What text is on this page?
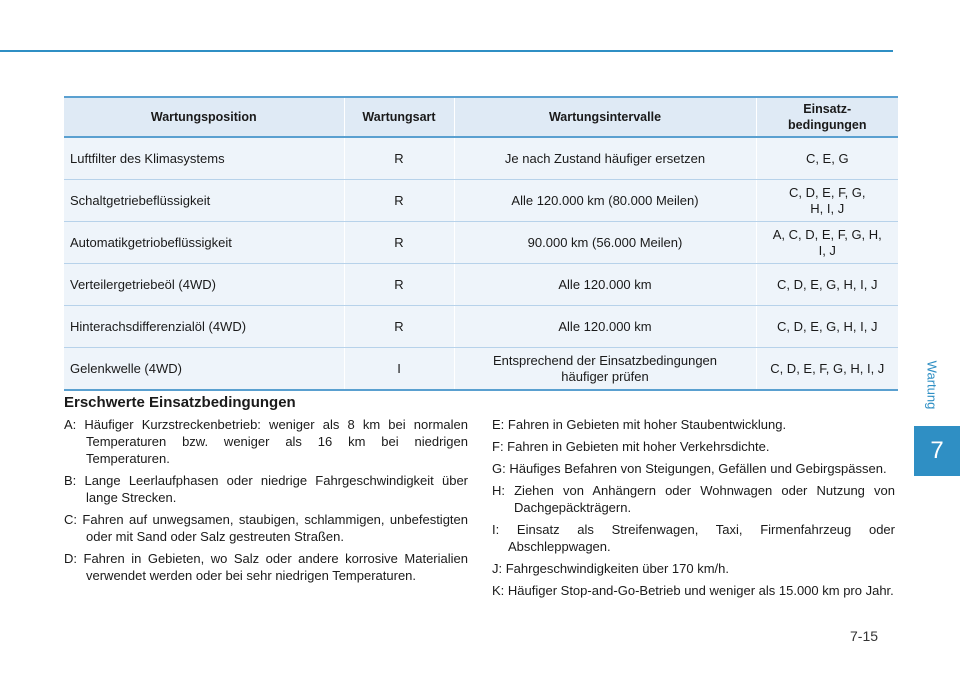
Wartungsposition	Wartungsart	Wartungsintervalle	Einsatz-
bedingungen
Luftfilter des Klimasystems	R	Je nach Zustand häufiger ersetzen	C, E, G
Schaltgetriebeflüssigkeit	R	Alle 120.000 km (80.000 Meilen)	C, D, E, F, G,
H, I, J
Automatikgetriobeflüssigkeit	R	90.000 km (56.000 Meilen)	A, C, D, E, F, G, H,
I, J
Verteilergetriebeöl (4WD)	R	Alle 120.000 km	C, D, E, G, H, I, J
Hinterachsdifferenzialöl (4WD)	R	Alle 120.000 km	C, D, E, G, H, I, J
Gelenkwelle (4WD)	I	Entsprechend der Einsatzbedingungen
häufiger prüfen	C, D, E, F, G, H, I, J
Erschwerte Einsatzbedingungen
A: Häufiger Kurzstreckenbetrieb: weniger als 8 km bei normalen Temperaturen bzw. weniger als 16 km bei niedrigen Temperaturen.
B: Lange Leerlaufphasen oder niedrige Fahrgeschwindigkeit über lange Strecken.
C: Fahren auf unwegsamen, staubigen, schlammigen, unbefestigten oder mit Sand oder Salz gestreuten Straßen.
D: Fahren in Gebieten, wo Salz oder andere korrosive Materialien verwendet werden oder bei sehr niedrigen Temperaturen.
E: Fahren in Gebieten mit hoher Staubentwicklung.
F: Fahren in Gebieten mit hoher Verkehrsdichte.
G: Häufiges Befahren von Steigungen, Gefällen und Gebirgspässen.
H: Ziehen von Anhängern oder Wohnwagen oder Nutzung von Dachgepäckträgern.
I: Einsatz als Streifenwagen, Taxi, Firmenfahrzeug oder Abschleppwagen.
J: Fahrgeschwindigkeiten über 170 km/h.
K: Häufiger Stop-and-Go-Betrieb und weniger als 15.000 km pro Jahr.
Wartung
7
7-15
